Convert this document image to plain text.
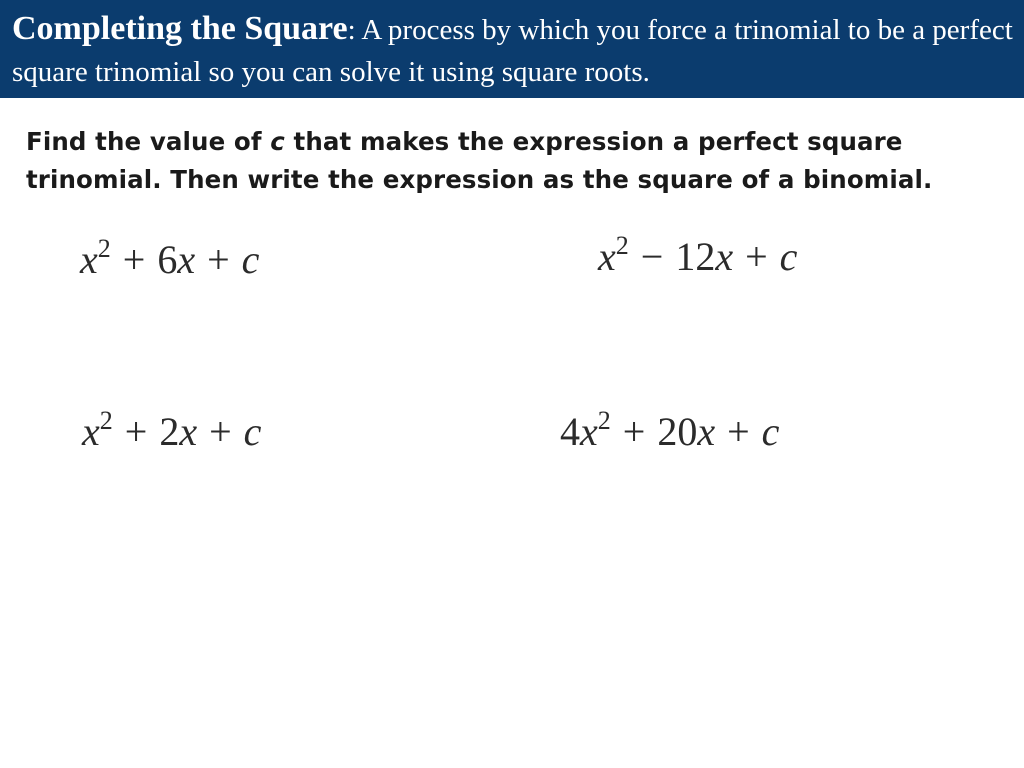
Completing the Square: A process by which you force a trinomial to be a perfect square trinomial so you can solve it using square roots.
Find the value of c that makes the expression a perfect square trinomial. Then write the expression as the square of a binomial.
$x^2 + 6x + c$	$x^2 - 12x + c$
$x^2 + 2x + c$	$4x^2 + 20x + c$
